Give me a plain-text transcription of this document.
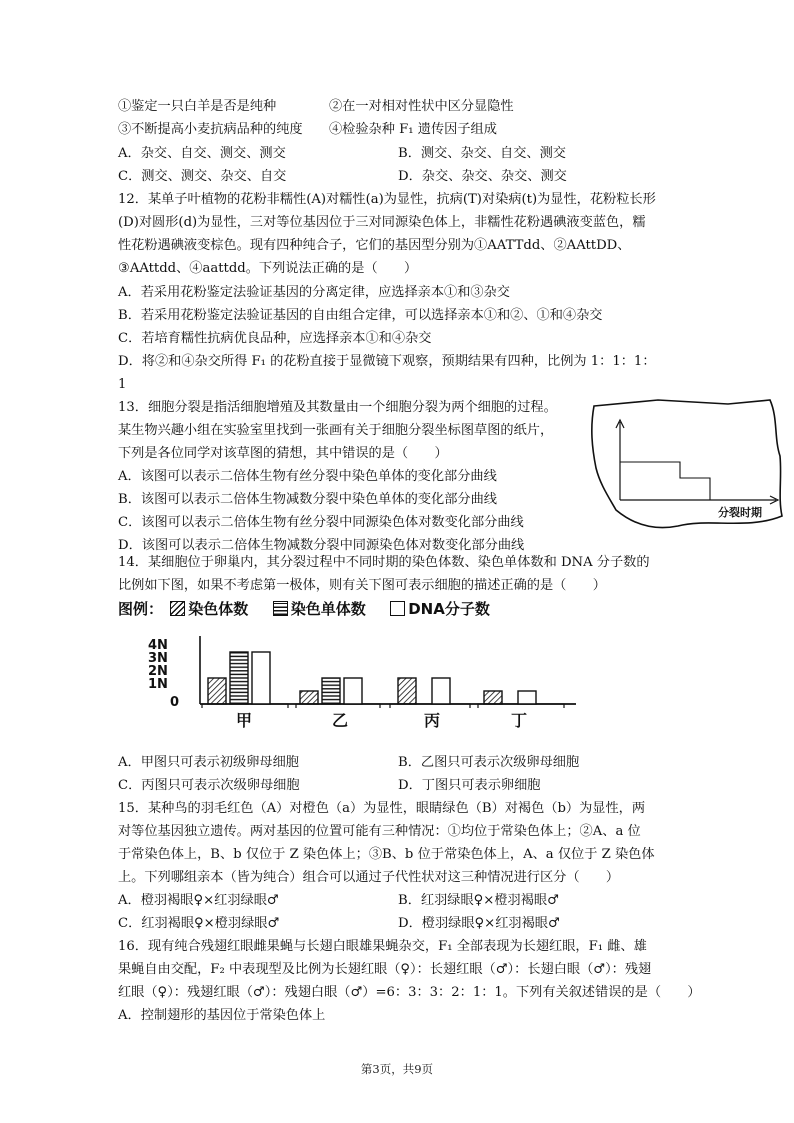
①鉴定一只白羊是否是纯种　　　　②在一对相对性状中区分显隐性
③不断提高小麦抗病品种的纯度　　④检验杂种 F₁ 遗传因子组成
A．杂交、自交、测交、测交	B．测交、杂交、自交、测交
C．测交、测交、杂交、自交	D．杂交、杂交、杂交、测交
12．某单子叶植物的花粉非糯性(A)对糯性(a)为显性，抗病(T)对染病(t)为显性，花粉粒长形
(D)对圆形(d)为显性，三对等位基因位于三对同源染色体上，非糯性花粉遇碘液变蓝色，糯
性花粉遇碘液变棕色。现有四种纯合子，它们的基因型分别为①AATTdd、②AAttDD、
③AAttdd、④aattdd。下列说法正确的是（　　）
A．若采用花粉鉴定法验证基因的分离定律，应选择亲本①和③杂交
B．若采用花粉鉴定法验证基因的自由组合定律，可以选择亲本①和②、①和④杂交
C．若培育糯性抗病优良品种，应选择亲本①和④杂交
D．将②和④杂交所得 F₁ 的花粉直接于显微镜下观察，预期结果有四种，比例为 1：1：1：
1
13．细胞分裂是指活细胞增殖及其数量由一个细胞分裂为两个细胞的过程。
某生物兴趣小组在实验室里找到一张画有关于细胞分裂坐标图草图的纸片，
下列是各位同学对该草图的猜想，其中错误的是（　　）
A．该图可以表示二倍体生物有丝分裂中染色单体的变化部分曲线
B．该图可以表示二倍体生物减数分裂中染色单体的变化部分曲线
C．该图可以表示二倍体生物有丝分裂中同源染色体对数变化部分曲线
D．该图可以表示二倍体生物减数分裂中同源染色体对数变化部分曲线
分裂时期
14．某细胞位于卵巢内，其分裂过程中不同时期的染色体数、染色单体数和 DNA 分子数的
比例如下图，如果不考虑第一极体，则有关下图可表示细胞的描述正确的是（　　）
图例： 染色体数	染色单体数	DNA分子数
4N
3N
2N
1N
0
甲	乙	丙	丁
A．甲图只可表示初级卵母细胞	B．乙图只可表示次级卵母细胞
C．丙图只可表示次级卵母细胞	D．丁图只可表示卵细胞
15．某种鸟的羽毛红色（A）对橙色（a）为显性，眼睛绿色（B）对褐色（b）为显性，两
对等位基因独立遗传。两对基因的位置可能有三种情况：①均位于常染色体上；②A、a 位
于常染色体上，B、b 仅位于 Z 染色体上；③B、b 位于常染色体上，A、a 仅位于 Z 染色体
上。下列哪组亲本（皆为纯合）组合可以通过子代性状对这三种情况进行区分（　　）
A．橙羽褐眼♀×红羽绿眼♂	B．红羽绿眼♀×橙羽褐眼♂
C．红羽褐眼♀×橙羽绿眼♂	D．橙羽绿眼♀×红羽褐眼♂
16．现有纯合残翅红眼雌果蝇与长翅白眼雄果蝇杂交，F₁ 全部表现为长翅红眼，F₁ 雌、雄
果蝇自由交配，F₂ 中表现型及比例为长翅红眼（♀）：长翅红眼（♂）：长翅白眼（♂）：残翅
红眼（♀）：残翅红眼（♂）：残翅白眼（♂）=6：3：3：2：1：1。下列有关叙述错误的是（　　）
A．控制翅形的基因位于常染色体上
第3页，共9页
